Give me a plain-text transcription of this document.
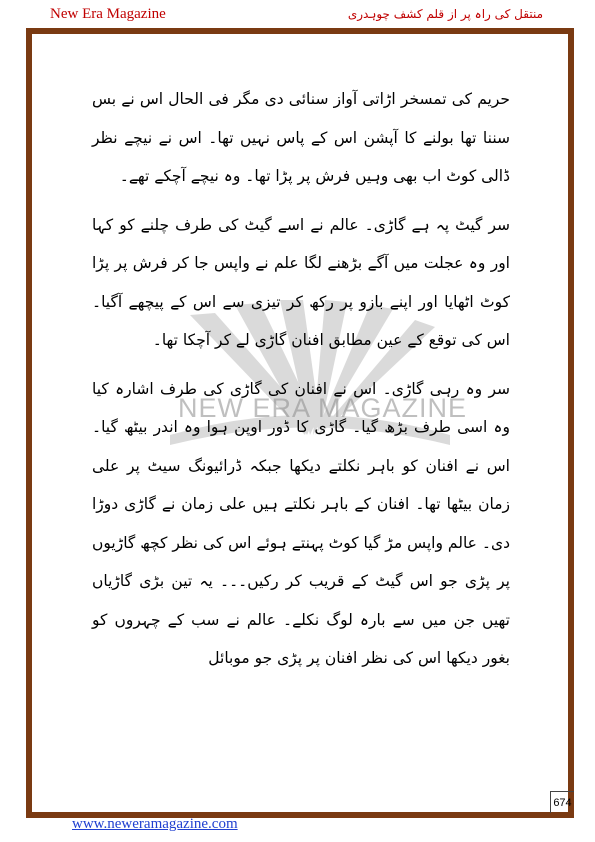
New Era Magazine	منتقل کی راہ پر از قلم کشف چوہدری
NEW ERA MAGAZINE

حریم کی تمسخر اڑاتی آواز سنائی دی مگر فی الحال اس نے بس سننا تھا بولنے کا آپشن اس کے پاس نہیں تھا۔ اس نے نیچے نظر ڈالی کوٹ اب بھی وہیں فرش پر پڑا تھا۔ وہ نیچے آچکے تھے۔

سر گیٹ پہ ہے گاڑی۔ عالم نے اسے گیٹ کی طرف چلنے کو کہا اور وہ عجلت میں آگے بڑھنے لگا علم نے واپس جا کر فرش پر پڑا کوٹ اٹھایا اور اپنے بازو پر رکھ کر تیزی سے اس کے پیچھے آگیا۔ اس کی توقع کے عین مطابق افنان گاڑی لے کر آچکا تھا۔

سر وہ رہی گاڑی۔ اس نے افنان کی گاڑی کی طرف اشارہ کیا وہ اسی طرف بڑھ گیا۔ گاڑی کا ڈور اوپن ہوا وہ اندر بیٹھ گیا۔ اس نے افنان کو باہر نکلتے دیکھا جبکہ ڈرائیونگ سیٹ پر علی زمان بیٹھا تھا۔ افنان کے باہر نکلتے ہیں علی زمان نے گاڑی دوڑا دی۔ عالم واپس مڑ گیا کوٹ پہنتے ہوئے اس کی نظر کچھ گاڑیوں پر پڑی جو اس گیٹ کے قریب کر رکیں۔۔۔ یہ تین بڑی گاڑیاں تھیں جن میں سے بارہ لوگ نکلے۔ عالم نے سب کے چہروں کو بغور دیکھا اس کی نظر افنان پر پڑی جو موبائل

674
www.neweramagazine.com
